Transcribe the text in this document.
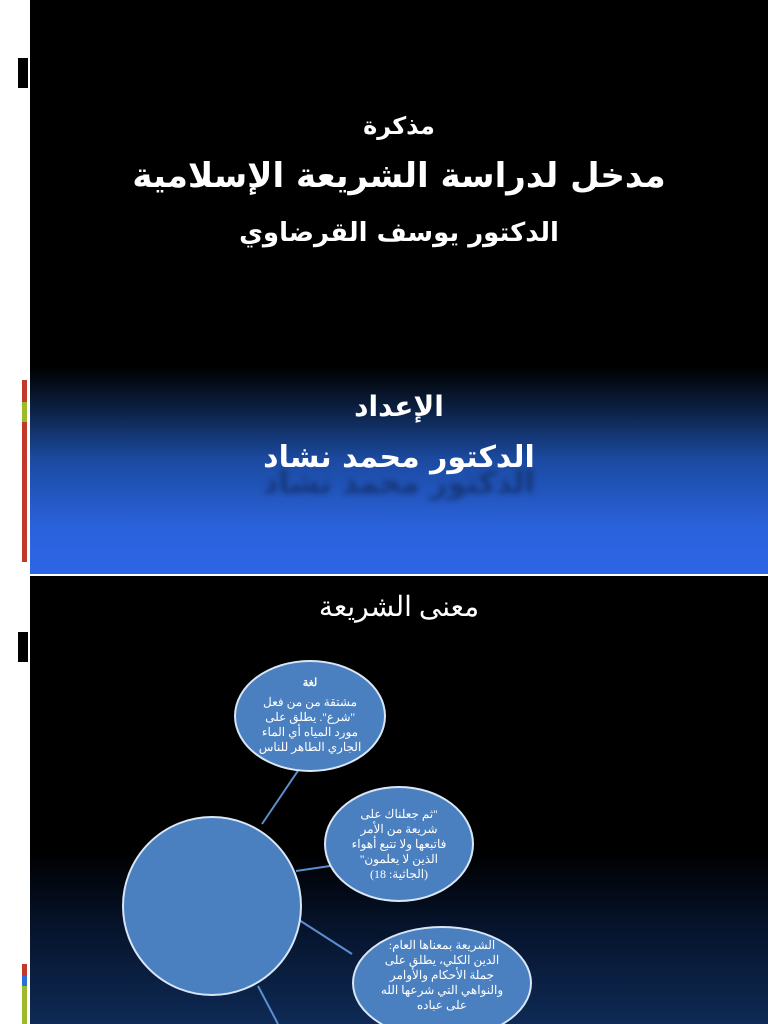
مذكرة
مدخل لدراسة الشريعة الإسلامية
الدكتور يوسف القرضاوي
الإعداد
الدكتور محمد نشاد
معنى الشريعة
لغة
مشتقة من من فعل ''شرع''. يطلق على مورد المياه أي الماء الجاري الطاهر للناس
''ثم جعلناك على شريعة من الأمر فاتبعها ولا تتبع أهواء الذين لا يعلمون'' (الجاثية: 18)
الشريعة بمعناها العام: الدين الكلي، يطلق على جملة الأحكام والأوامر والنواهي التي شرعها الله على عباده
